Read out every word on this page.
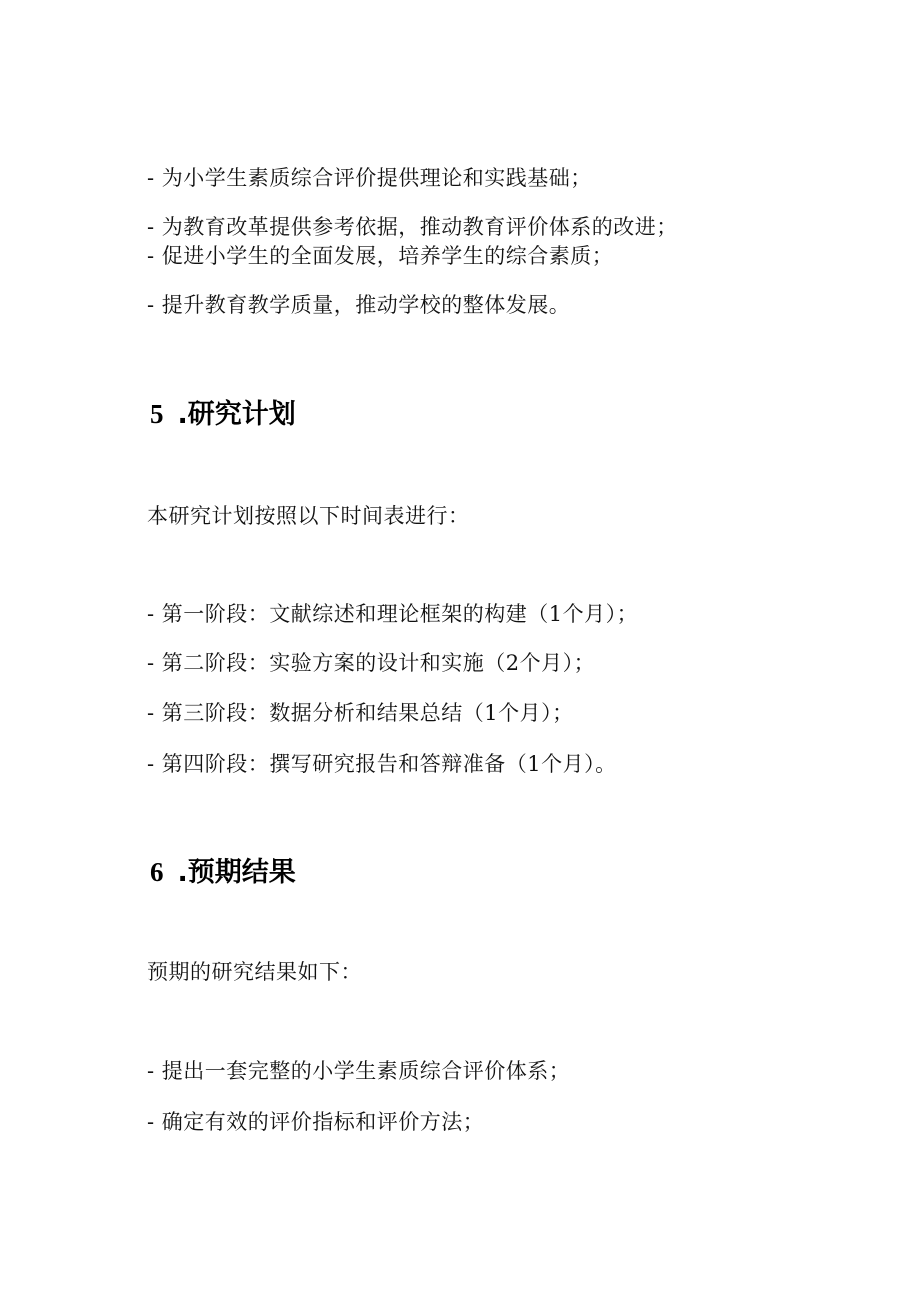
- 为小学生素质综合评价提供理论和实践基础；
- 为教育改革提供参考依据，推动教育评价体系的改进；
- 促进小学生的全面发展，培养学生的综合素质；
- 提升教育教学质量，推动学校的整体发展。
5 .研究计划
本研究计划按照以下时间表进行：
- 第一阶段：文献综述和理论框架的构建（1个月）；
- 第二阶段：实验方案的设计和实施（2个月）；
- 第三阶段：数据分析和结果总结（1个月）；
- 第四阶段：撰写研究报告和答辩准备（1个月）。
6 .预期结果
预期的研究结果如下：
- 提出一套完整的小学生素质综合评价体系；
- 确定有效的评价指标和评价方法；
